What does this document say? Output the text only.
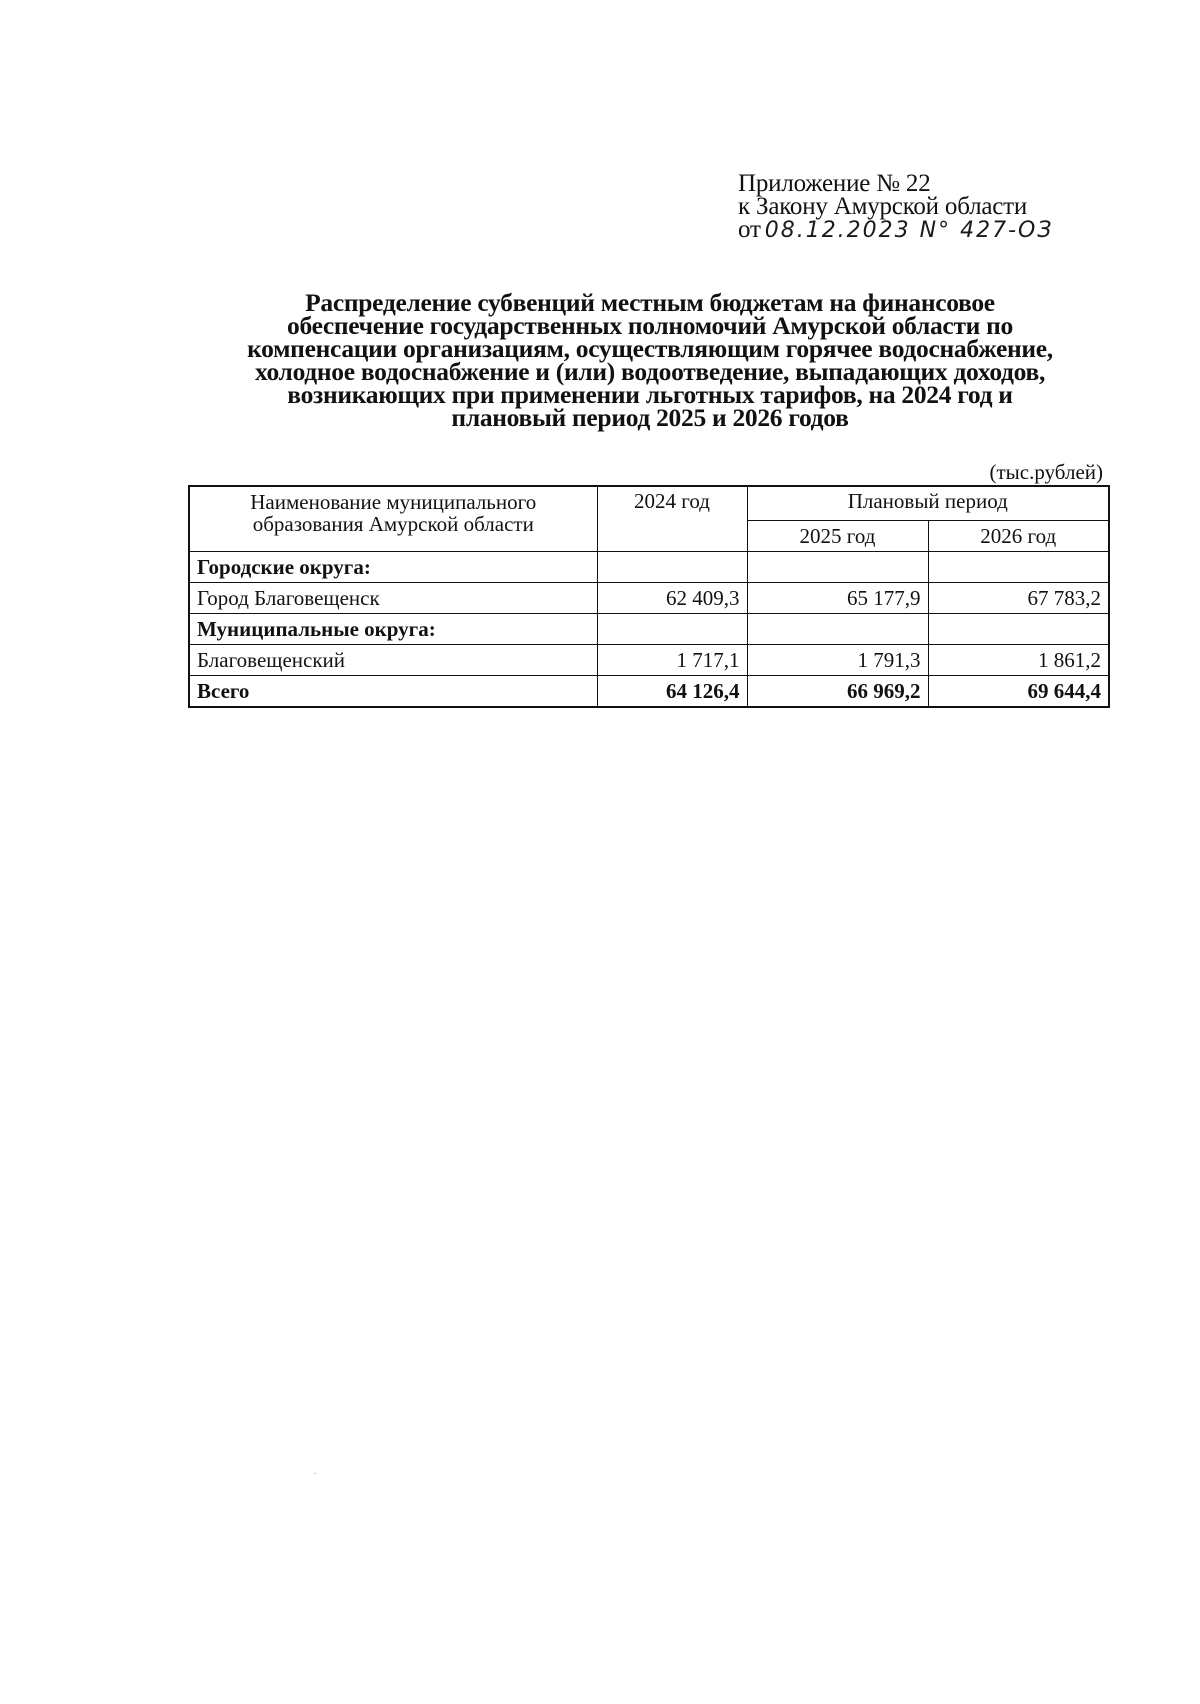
Приложение № 22
к Закону Амурской области
от 08.12.2023 N° 427-ОЗ
Распределение субвенций местным бюджетам на финансовое
обеспечение государственных полномочий Амурской области по
компенсации организациям, осуществляющим горячее водоснабжение,
холодное водоснабжение и (или) водоотведение, выпадающих доходов,
возникающих при применении льготных тарифов, на 2024 год и
плановый период 2025 и 2026 годов
(тыс.рублей)
Наименование муниципального образования Амурской области	2024 год	Плановый период	
		2025 год	2026 год
Городские округа:			
Город Благовещенск	62 409,3	65 177,9	67 783,2
Муниципальные округа:			
Благовещенский	1 717,1	1 791,3	1 861,2
Всего	64 126,4	66 969,2	69 644,4
